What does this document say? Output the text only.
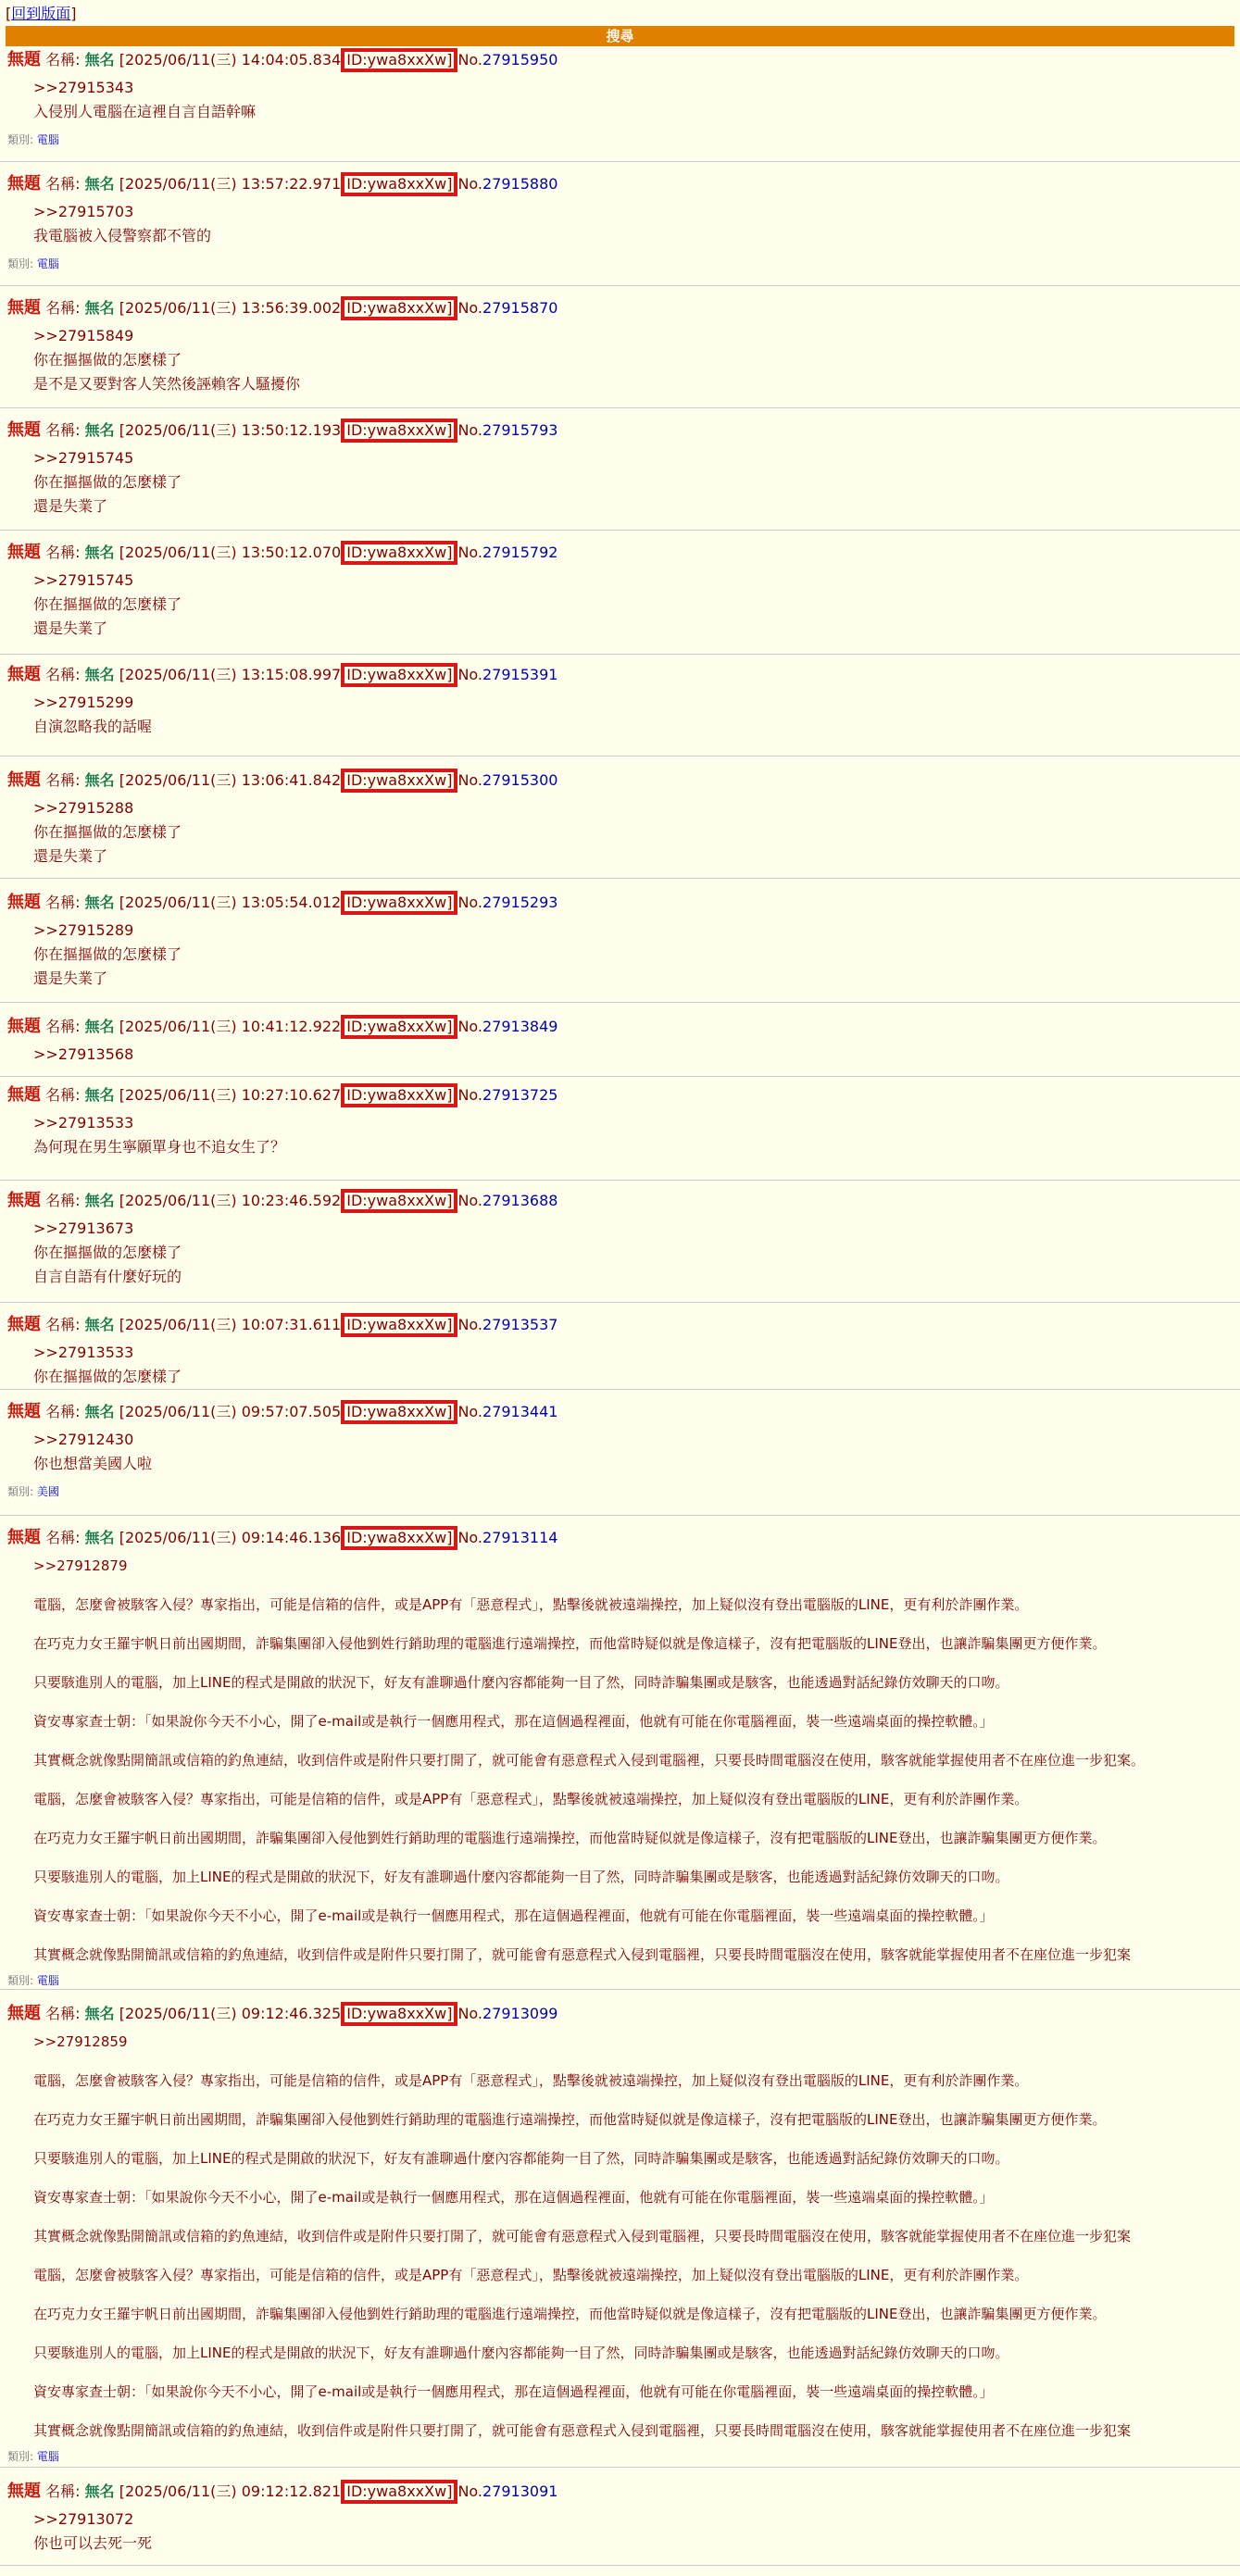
[回到版面]
搜尋
無題 名稱: 無名 [2025/06/11(三) 14:04:05.834 ID:ywa8xxXw] No.27915950

>>27915343

入侵別人電腦在這裡自言自語幹嘛

類別: 電腦
無題 名稱: 無名 [2025/06/11(三) 13:57:22.971 ID:ywa8xxXw] No.27915880

>>27915703

我電腦被入侵警察都不管的

類別: 電腦
無題 名稱: 無名 [2025/06/11(三) 13:56:39.002 ID:ywa8xxXw] No.27915870

>>27915849

你在摳摳做的怎麼樣了

是不是又要對客人笑然後誣賴客人騷擾你

無題 名稱: 無名 [2025/06/11(三) 13:50:12.193 ID:ywa8xxXw] No.27915793

>>27915745

你在摳摳做的怎麼樣了

還是失業了

無題 名稱: 無名 [2025/06/11(三) 13:50:12.070 ID:ywa8xxXw] No.27915792

>>27915745

你在摳摳做的怎麼樣了

還是失業了

無題 名稱: 無名 [2025/06/11(三) 13:15:08.997 ID:ywa8xxXw] No.27915391

>>27915299

自演忽略我的話喔

無題 名稱: 無名 [2025/06/11(三) 13:06:41.842 ID:ywa8xxXw] No.27915300

>>27915288

你在摳摳做的怎麼樣了

還是失業了

無題 名稱: 無名 [2025/06/11(三) 13:05:54.012 ID:ywa8xxXw] No.27915293

>>27915289

你在摳摳做的怎麼樣了

還是失業了

無題 名稱: 無名 [2025/06/11(三) 10:41:12.922 ID:ywa8xxXw] No.27913849

>>27913568

無題 名稱: 無名 [2025/06/11(三) 10:27:10.627 ID:ywa8xxXw] No.27913725

>>27913533

為何現在男生寧願單身也不追女生了？

無題 名稱: 無名 [2025/06/11(三) 10:23:46.592 ID:ywa8xxXw] No.27913688

>>27913673

你在摳摳做的怎麼樣了

自言自語有什麼好玩的

無題 名稱: 無名 [2025/06/11(三) 10:07:31.611 ID:ywa8xxXw] No.27913537

>>27913533

你在摳摳做的怎麼樣了

無題 名稱: 無名 [2025/06/11(三) 09:57:07.505 ID:ywa8xxXw] No.27913441

>>27912430

你也想當美國人啦

類別: 美國
無題 名稱: 無名 [2025/06/11(三) 09:14:46.136 ID:ywa8xxXw] No.27913114

>>27912879

電腦，怎麼會被駭客入侵？專家指出，可能是信箱的信件，或是APP有「惡意程式」，點擊後就被遠端操控，加上疑似沒有登出電腦版的LINE，更有利於詐團作業。

在巧克力女王羅宇帆日前出國期間，詐騙集團卻入侵他劉姓行銷助理的電腦進行遠端操控，而他當時疑似就是像這樣子，沒有把電腦版的LINE登出，也讓詐騙集團更方便作業。

只要駭進別人的電腦，加上LINE的程式是開啟的狀況下，好友有誰聊過什麼內容都能夠一目了然，同時詐騙集團或是駭客，也能透過對話紀錄仿效聊天的口吻。

資安專家查士朝：「如果說你今天不小心，開了e-mail或是執行一個應用程式，那在這個過程裡面，他就有可能在你電腦裡面，裝一些遠端桌面的操控軟體。」

其實概念就像點開簡訊或信箱的釣魚連結，收到信件或是附件只要打開了，就可能會有惡意程式入侵到電腦裡，只要長時間電腦沒在使用，駭客就能掌握使用者不在座位進一步犯案。

電腦，怎麼會被駭客入侵？專家指出，可能是信箱的信件，或是APP有「惡意程式」，點擊後就被遠端操控，加上疑似沒有登出電腦版的LINE，更有利於詐團作業。

在巧克力女王羅宇帆日前出國期間，詐騙集團卻入侵他劉姓行銷助理的電腦進行遠端操控，而他當時疑似就是像這樣子，沒有把電腦版的LINE登出，也讓詐騙集團更方便作業。

只要駭進別人的電腦，加上LINE的程式是開啟的狀況下，好友有誰聊過什麼內容都能夠一目了然，同時詐騙集團或是駭客，也能透過對話紀錄仿效聊天的口吻。

資安專家查士朝：「如果說你今天不小心，開了e-mail或是執行一個應用程式，那在這個過程裡面，他就有可能在你電腦裡面，裝一些遠端桌面的操控軟體。」

其實概念就像點開簡訊或信箱的釣魚連結，收到信件或是附件只要打開了，就可能會有惡意程式入侵到電腦裡，只要長時間電腦沒在使用，駭客就能掌握使用者不在座位進一步犯案

類別: 電腦
無題 名稱: 無名 [2025/06/11(三) 09:12:46.325 ID:ywa8xxXw] No.27913099

>>27912859

電腦，怎麼會被駭客入侵？專家指出，可能是信箱的信件，或是APP有「惡意程式」，點擊後就被遠端操控，加上疑似沒有登出電腦版的LINE，更有利於詐團作業。

在巧克力女王羅宇帆日前出國期間，詐騙集團卻入侵他劉姓行銷助理的電腦進行遠端操控，而他當時疑似就是像這樣子，沒有把電腦版的LINE登出，也讓詐騙集團更方便作業。

只要駭進別人的電腦，加上LINE的程式是開啟的狀況下，好友有誰聊過什麼內容都能夠一目了然，同時詐騙集團或是駭客，也能透過對話紀錄仿效聊天的口吻。

資安專家查士朝：「如果說你今天不小心，開了e-mail或是執行一個應用程式，那在這個過程裡面，他就有可能在你電腦裡面，裝一些遠端桌面的操控軟體。」

其實概念就像點開簡訊或信箱的釣魚連結，收到信件或是附件只要打開了，就可能會有惡意程式入侵到電腦裡，只要長時間電腦沒在使用，駭客就能掌握使用者不在座位進一步犯案

電腦，怎麼會被駭客入侵？專家指出，可能是信箱的信件，或是APP有「惡意程式」，點擊後就被遠端操控，加上疑似沒有登出電腦版的LINE，更有利於詐團作業。

在巧克力女王羅宇帆日前出國期間，詐騙集團卻入侵他劉姓行銷助理的電腦進行遠端操控，而他當時疑似就是像這樣子，沒有把電腦版的LINE登出，也讓詐騙集團更方便作業。

只要駭進別人的電腦，加上LINE的程式是開啟的狀況下，好友有誰聊過什麼內容都能夠一目了然，同時詐騙集團或是駭客，也能透過對話紀錄仿效聊天的口吻。

資安專家查士朝：「如果說你今天不小心，開了e-mail或是執行一個應用程式，那在這個過程裡面，他就有可能在你電腦裡面，裝一些遠端桌面的操控軟體。」

其實概念就像點開簡訊或信箱的釣魚連結，收到信件或是附件只要打開了，就可能會有惡意程式入侵到電腦裡，只要長時間電腦沒在使用，駭客就能掌握使用者不在座位進一步犯案

類別: 電腦
無題 名稱: 無名 [2025/06/11(三) 09:12:12.821 ID:ywa8xxXw] No.27913091

>>27913072

你也可以去死一死
